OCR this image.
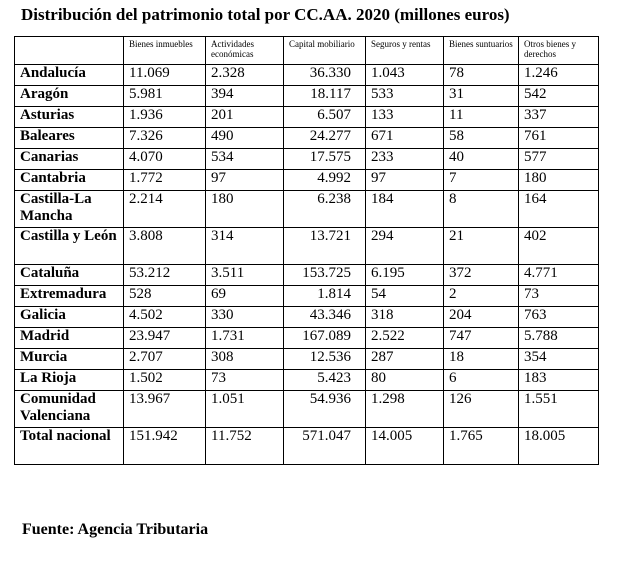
Distribución del patrimonio total por CC.AA. 2020 (millones euros)
	Bienes inmuebles	Actividades económicas	Capital mobiliario	Seguros y rentas	Bienes suntuarios	Otros bienes y derechos
Andalucía	11.069	2.328	36.330	1.043	78	1.246
Aragón	5.981	394	18.117	533	31	542
Asturias	1.936	201	6.507	133	11	337
Baleares	7.326	490	24.277	671	58	761
Canarias	4.070	534	17.575	233	40	577
Cantabria	1.772	97	4.992	97	7	180
Castilla-La Mancha	2.214	180	6.238	184	8	164
Castilla y León	3.808	314	13.721	294	21	402
Cataluña	53.212	3.511	153.725	6.195	372	4.771
Extremadura	528	69	1.814	54	2	73
Galicia	4.502	330	43.346	318	204	763
Madrid	23.947	1.731	167.089	2.522	747	5.788
Murcia	2.707	308	12.536	287	18	354
La Rioja	1.502	73	5.423	80	6	183
Comunidad Valenciana	13.967	1.051	54.936	1.298	126	1.551
Total nacional	151.942	11.752	571.047	14.005	1.765	18.005
Fuente: Agencia Tributaria
